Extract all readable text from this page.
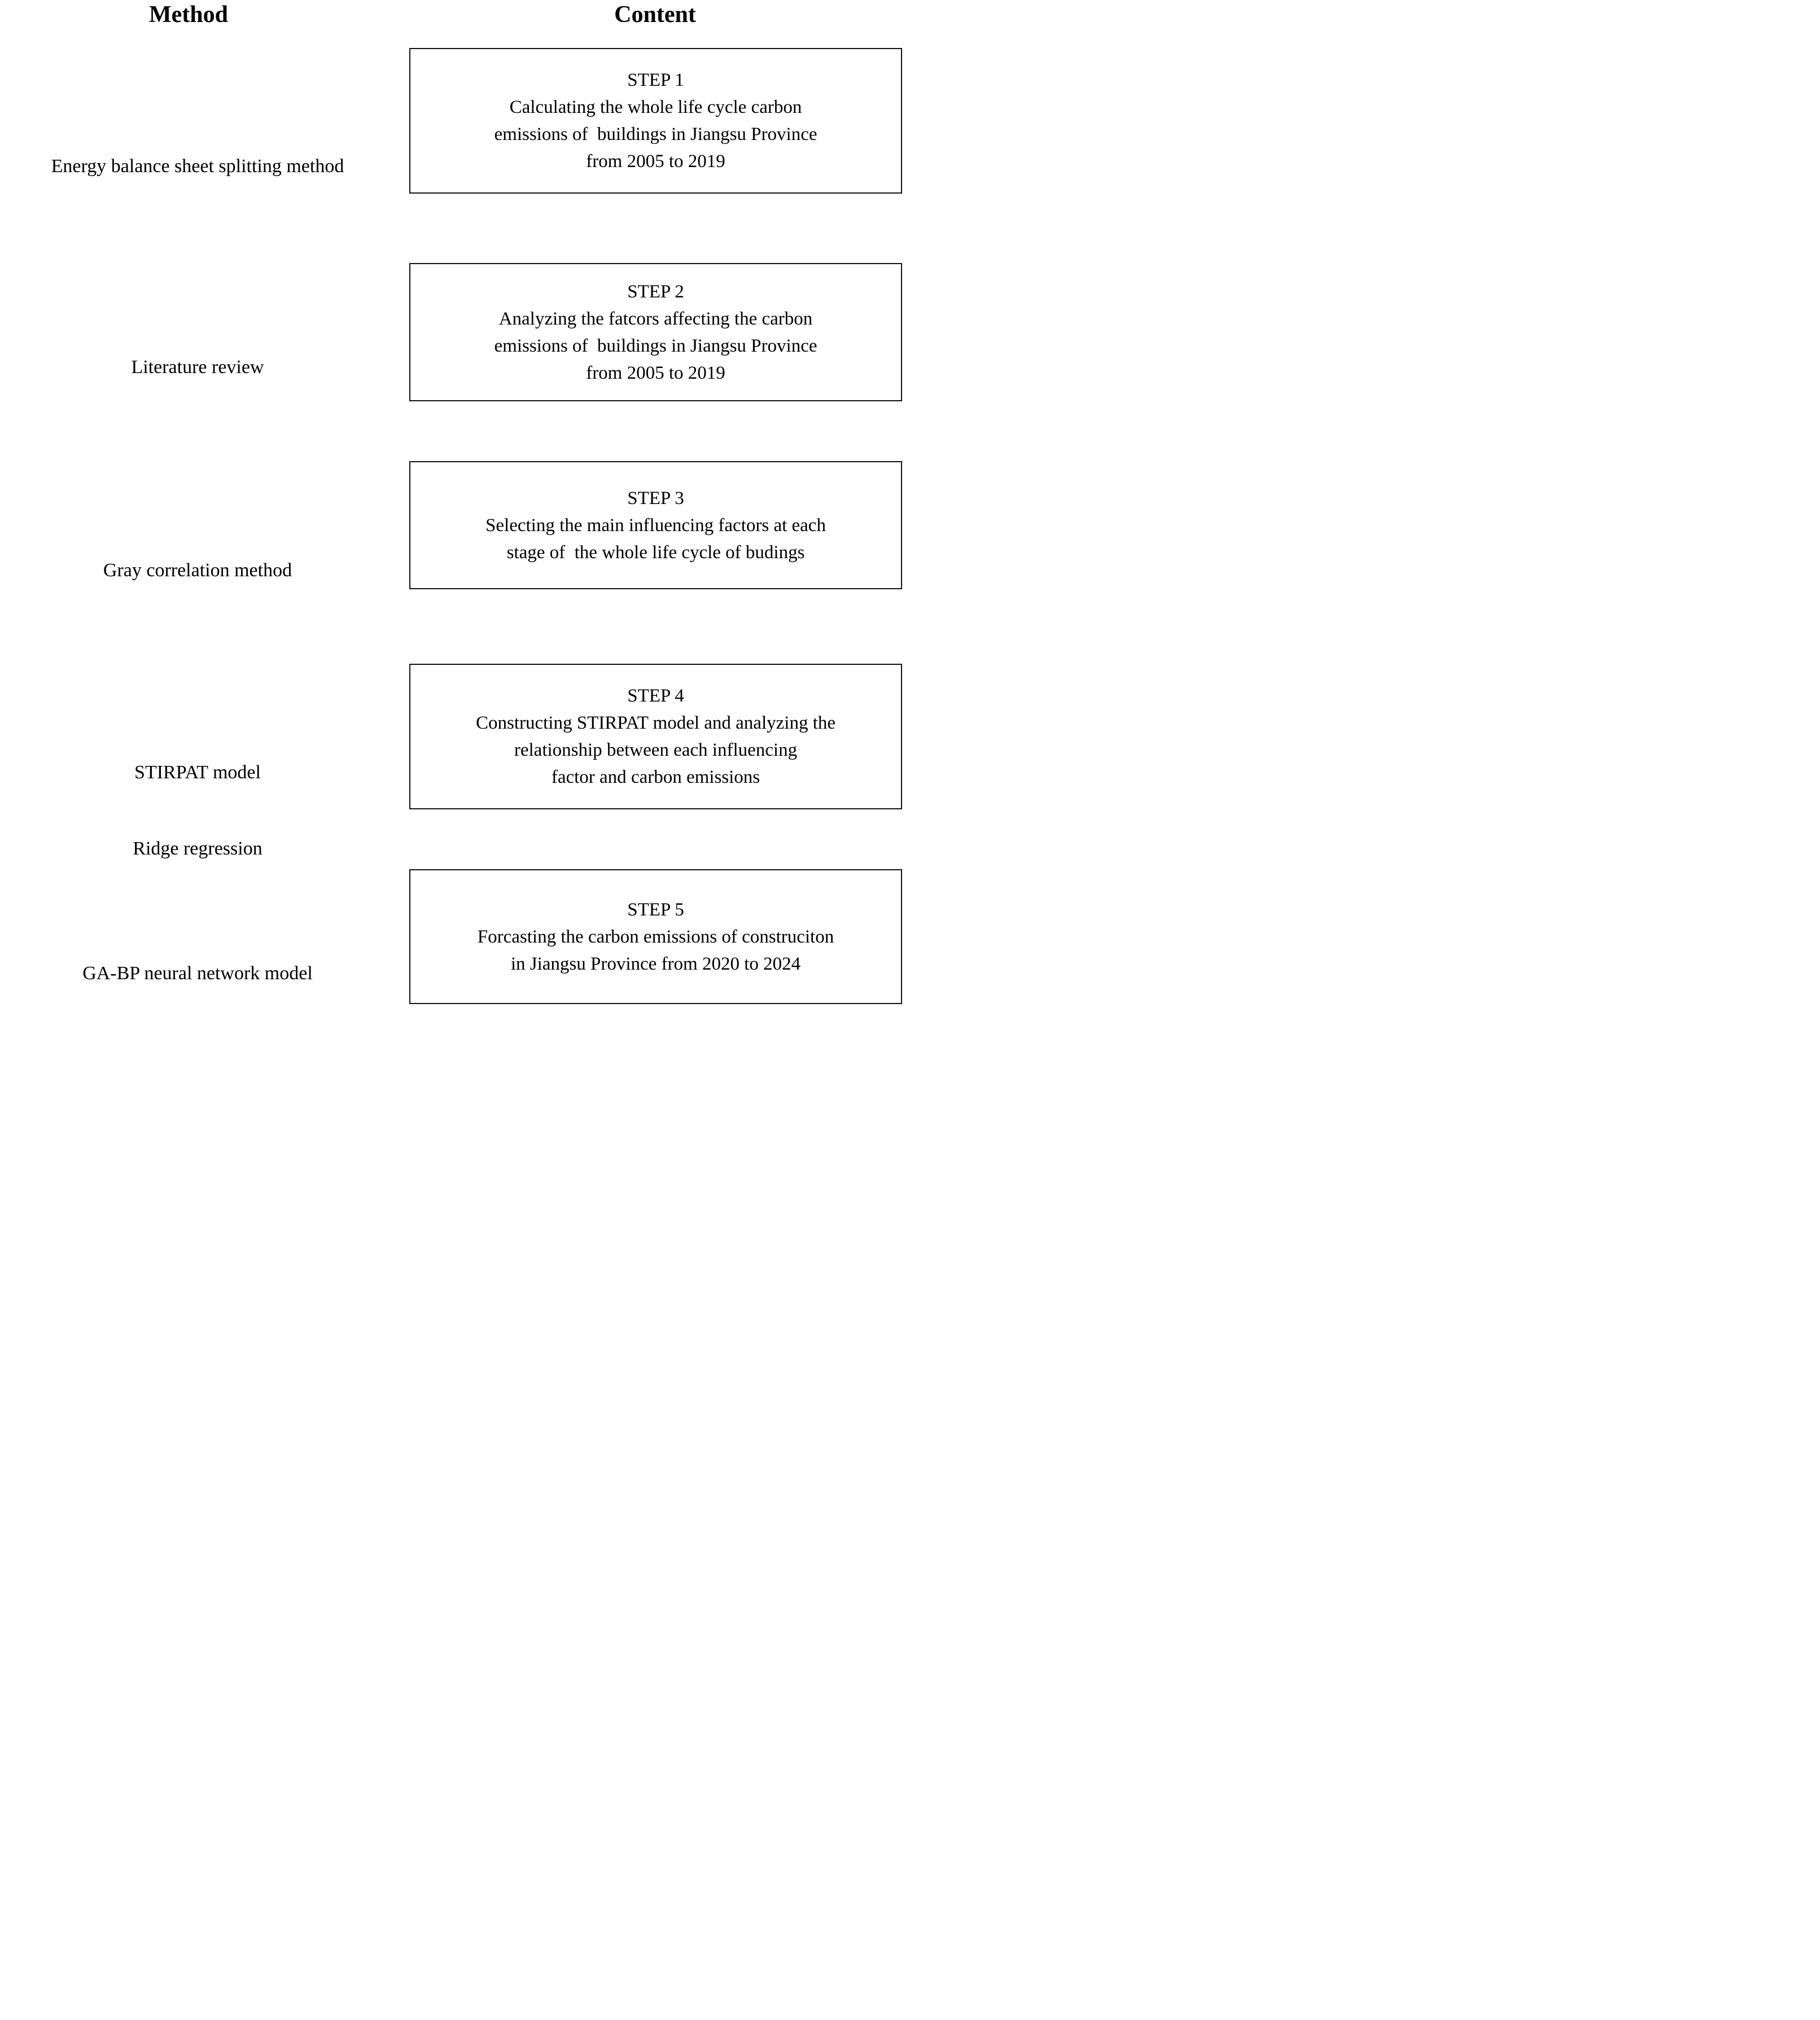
Method	Content

Energy balance sheet splitting method

STEP 1
Calculating the whole life cycle carbon
emissions of  buildings in Jiangsu Province
from 2005 to 2019

Literature review

STEP 2
Analyzing the fatcors affecting the carbon
emissions of  buildings in Jiangsu Province
from 2005 to 2019

Gray correlation method

STEP 3
Selecting the main influencing factors at each
stage of  the whole life cycle of budings

STIRPAT model

Ridge regression

STEP 4
Constructing STIRPAT model and analyzing the
relationship between each influencing
factor and carbon emissions

GA-BP neural network model

STEP 5
Forcasting the carbon emissions of construciton
in Jiangsu Province from 2020 to 2024
